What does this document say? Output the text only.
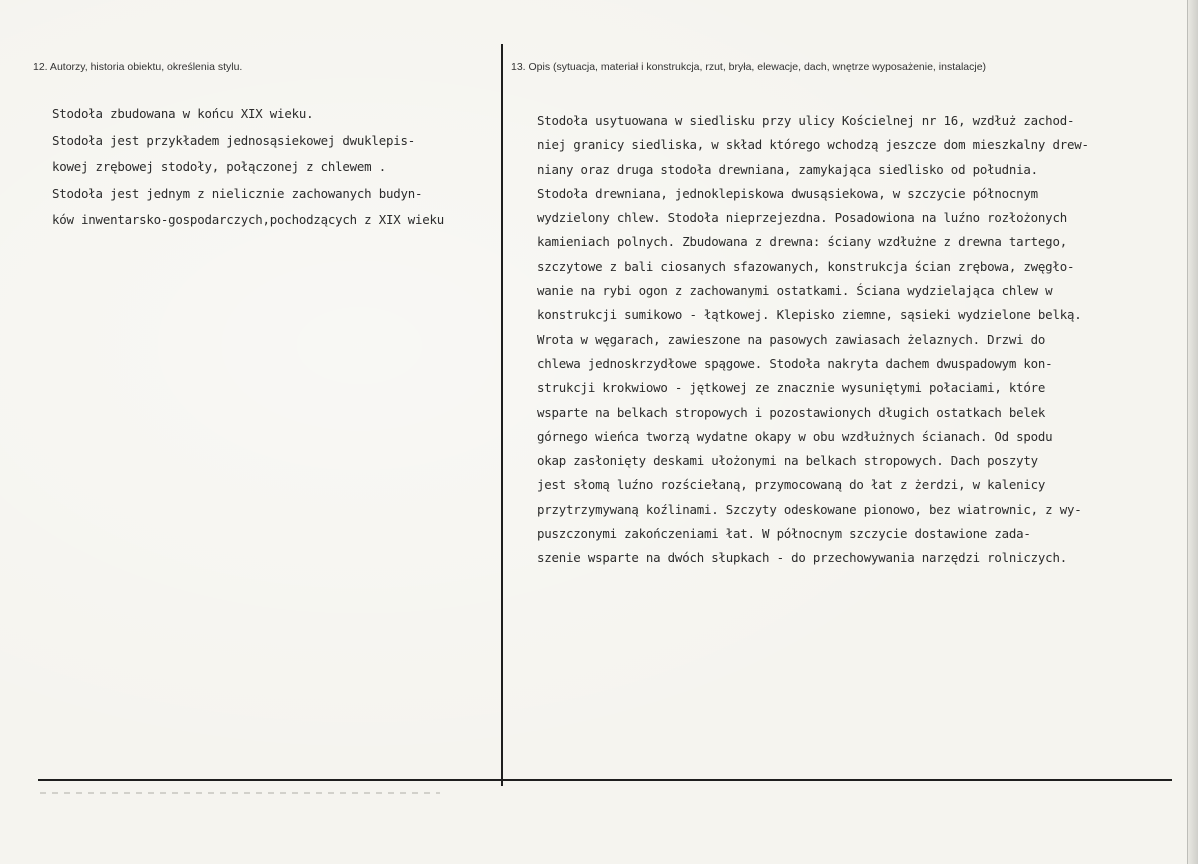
12. Autorzy, historia obiektu, określenia stylu.	13. Opis (sytuacja, materiał i konstrukcja, rzut, bryła, elewacje, dach, wnętrze wyposażenie, instalacje)
Stodoła zbudowana w końcu XIX wieku.
Stodoła jest przykładem jednosąsiekowej dwuklepis-
kowej zrębowej stodoły, połączonej z chlewem .
Stodoła jest jednym z nielicznie zachowanych budyn-
ków inwentarsko-gospodarczych,pochodzących z XIX wieku
Stodoła usytuowana w siedlisku przy ulicy Kościelnej nr 16, wzdłuż zachod-
niej granicy siedliska, w skład którego wchodzą jeszcze dom mieszkalny drew-
niany oraz druga stodoła drewniana, zamykająca siedlisko od południa.
Stodoła drewniana, jednoklepiskowa dwusąsiekowa, w szczycie północnym
wydzielony chlew. Stodoła nieprzejezdna. Posadowiona na luźno rozłożonych
kamieniach polnych. Zbudowana z drewna: ściany wzdłużne z drewna tartego,
szczytowe z bali ciosanych sfazowanych, konstrukcja ścian zrębowa, zwęgło-
wanie na rybi ogon z zachowanymi ostatkami. Ściana wydzielająca chlew w
konstrukcji sumikowo - łątkowej. Klepisko ziemne, sąsieki wydzielone belką.
Wrota w węgarach, zawieszone na pasowych zawiasach żelaznych. Drzwi do
chlewa jednoskrzydłowe spągowe. Stodoła nakryta dachem dwuspadowym kon-
strukcji krokwiowo - jętkowej ze znacznie wysuniętymi połaciami, które
wsparte na belkach stropowych i pozostawionych długich ostatkach belek
górnego wieńca tworzą wydatne okapy w obu wzdłużnych ścianach. Od spodu
okap zasłonięty deskami ułożonymi na belkach stropowych. Dach poszyty
jest słomą luźno rozściełaną, przymocowaną do łat z żerdzi, w kalenicy
przytrzymywaną koźlinami. Szczyty odeskowane pionowo, bez wiatrownic, z wy-
puszczonymi zakończeniami łat. W północnym szczycie dostawione zada-
szenie wsparte na dwóch słupkach - do przechowywania narzędzi rolniczych.
